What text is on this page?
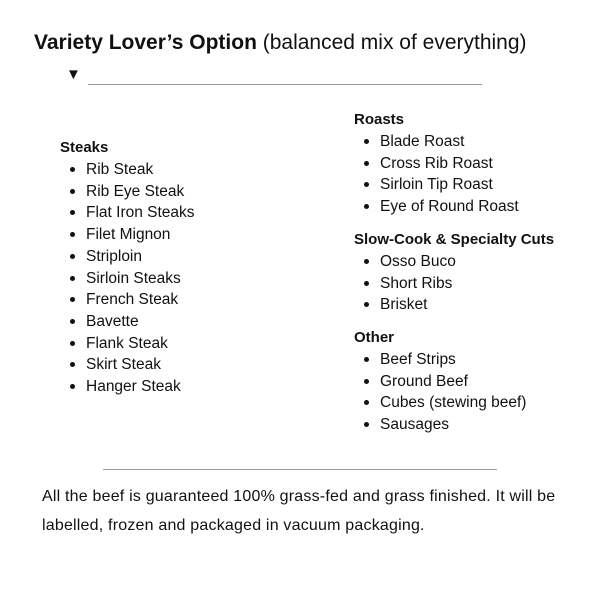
Variety Lover’s Option (balanced mix of everything)
▼

Steaks

Rib Steak
Rib Eye Steak
Flat Iron Steaks
Filet Mignon
Striploin
Sirloin Steaks
French Steak
Bavette
Flank Steak
Skirt Steak
Hanger Steak

Roasts

Blade Roast
Cross Rib Roast
Sirloin Tip Roast
Eye of Round Roast

Slow-Cook & Specialty Cuts

Osso Buco
Short Ribs
Brisket

Other

Beef Strips
Ground Beef
Cubes (stewing beef)
Sausages
All the beef is guaranteed 100% grass-fed and grass finished. It will be labelled, frozen and packaged in vacuum packaging.
